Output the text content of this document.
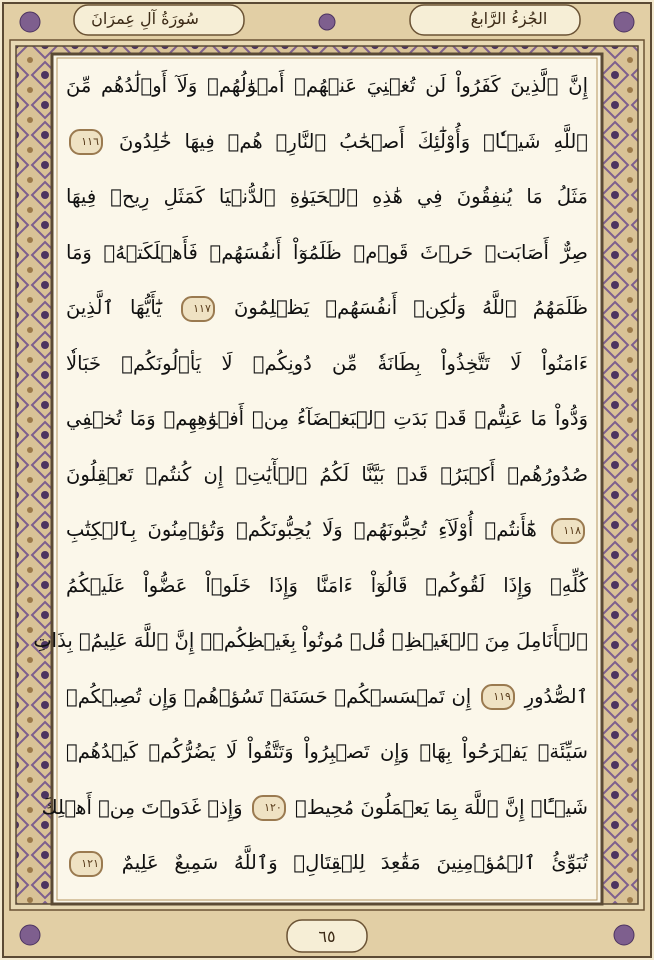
الجُزءُ الرَّابعُ
سُورَةُ آلِ عِمرَانَ
إِنَّ ٱلَّذِينَ كَفَرُواْ لَن تُغۡنِيَ عَنۡهُمۡ أَمۡوَٰلُهُمۡ وَلَآ أَوۡلَٰدُهُم مِّنَ
ٱللَّهِ شَيۡـٔٗاۖ وَأُوْلَٰٓئِكَ أَصۡحَٰبُ ٱلنَّارِۖ هُمۡ فِيهَا خَٰلِدُونَ ١١٦
مَثَلُ مَا يُنفِقُونَ فِي هَٰذِهِ ٱلۡحَيَوٰةِ ٱلدُّنۡيَا كَمَثَلِ رِيحٖ فِيهَا
صِرٌّ أَصَابَتۡ حَرۡثَ قَوۡمٖ ظَلَمُوٓاْ أَنفُسَهُمۡ فَأَهۡلَكَتۡهُۚ وَمَا
ظَلَمَهُمُ ٱللَّهُ وَلَٰكِنۡ أَنفُسَهُمۡ يَظۡلِمُونَ ١١٧ يَٰٓأَيُّهَا ٱلَّذِينَ
ءَامَنُواْ لَا تَتَّخِذُواْ بِطَانَةٗ مِّن دُونِكُمۡ لَا يَأۡلُونَكُمۡ خَبَالٗا
وَدُّواْ مَا عَنِتُّمۡ قَدۡ بَدَتِ ٱلۡبَغۡضَآءُ مِنۡ أَفۡوَٰهِهِمۡ وَمَا تُخۡفِي
صُدُورُهُمۡ أَكۡبَرُۚ قَدۡ بَيَّنَّا لَكُمُ ٱلۡأٓيَٰتِۖ إِن كُنتُمۡ تَعۡقِلُونَ
١١٨ هَٰٓأَنتُمۡ أُوْلَآءِ تُحِبُّونَهُمۡ وَلَا يُحِبُّونَكُمۡ وَتُؤۡمِنُونَ بِٱلۡكِتَٰبِ
كُلِّهِۦ وَإِذَا لَقُوكُمۡ قَالُوٓاْ ءَامَنَّا وَإِذَا خَلَوۡاْ عَضُّواْ عَلَيۡكُمُ
ٱلۡأَنَامِلَ مِنَ ٱلۡغَيۡظِۚ قُلۡ مُوتُواْ بِغَيۡظِكُمۡۗ إِنَّ ٱللَّهَ عَلِيمُۢ بِذَاتِ
ٱلصُّدُورِ ١١٩ إِن تَمۡسَسۡكُمۡ حَسَنَةٞ تَسُؤۡهُمۡ وَإِن تُصِبۡكُمۡ
سَيِّئَةٞ يَفۡرَحُواْ بِهَاۖ وَإِن تَصۡبِرُواْ وَتَتَّقُواْ لَا يَضُرُّكُمۡ كَيۡدُهُمۡ
شَيۡـًٔاۗ إِنَّ ٱللَّهَ بِمَا يَعۡمَلُونَ مُحِيطٞ ١٢٠ وَإِذۡ غَدَوۡتَ مِنۡ أَهۡلِكَ
تُبَوِّئُ ٱلۡمُؤۡمِنِينَ مَقَٰعِدَ لِلۡقِتَالِۗ وَٱللَّهُ سَمِيعٌ عَلِيمٌ ١٢١
٦٥
